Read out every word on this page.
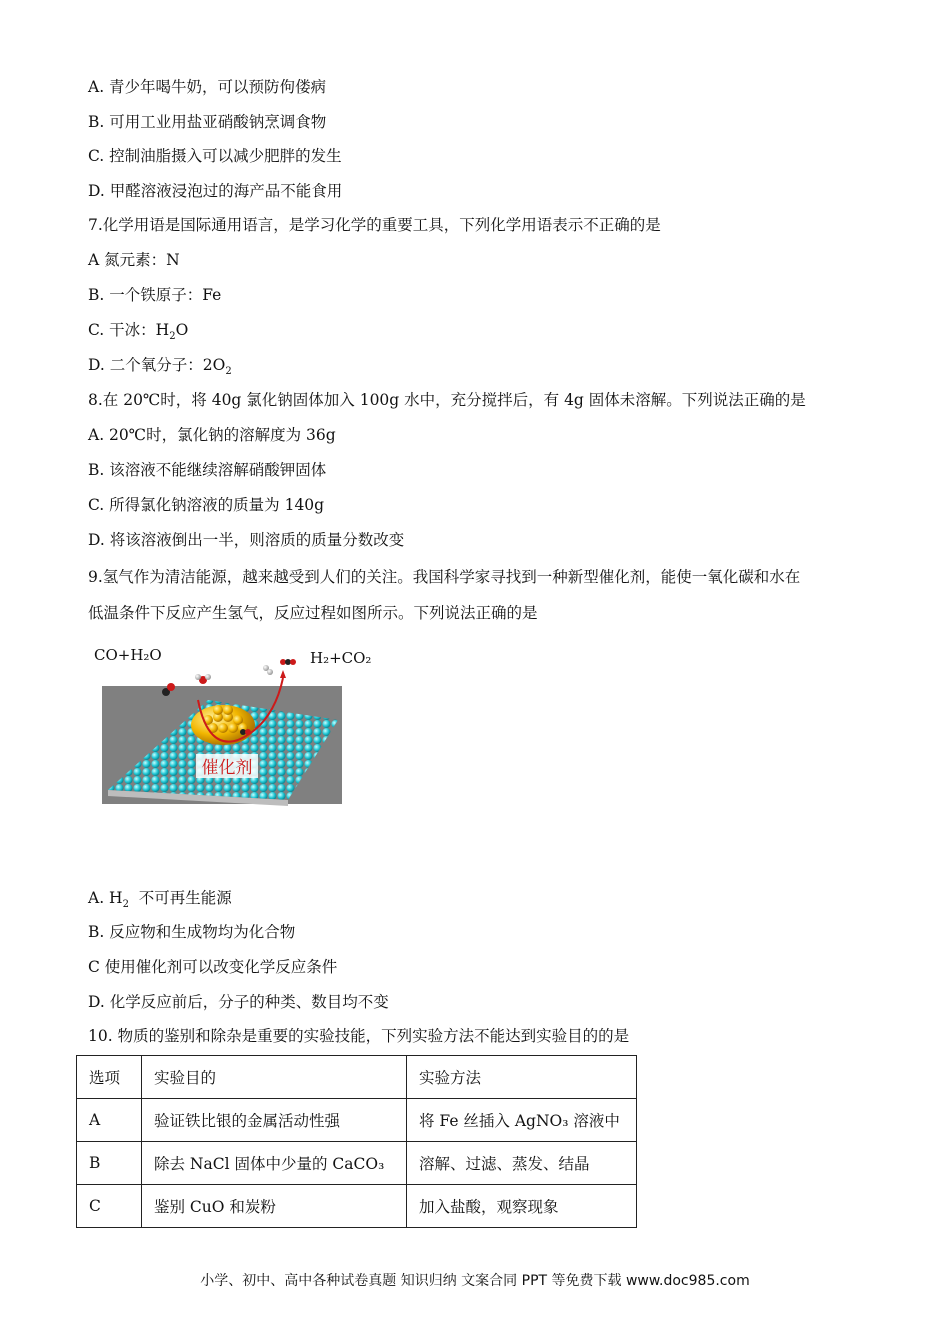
A. 青少年喝牛奶，可以预防佝偻病
B. 可用工业用盐亚硝酸钠烹调食物
C. 控制油脂摄入可以减少肥胖的发生
D. 甲醛溶液浸泡过的海产品不能食用
7.化学用语是国际通用语言，是学习化学的重要工具，下列化学用语表示不正确的是
A 氮元素：N
B. 一个铁原子：Fe
C. 干冰：$H_2O$
D. 二个氧分子：$2O_2$
8.在 20℃时，将 40g 氯化钠固体加入 100g 水中，充分搅拌后，有 4g 固体未溶解。下列说法正确的是
A. 20℃时，氯化钠的溶解度为 36g
B. 该溶液不能继续溶解硝酸钾固体
C. 所得氯化钠溶液的质量为 140g
D. 将该溶液倒出一半，则溶质的质量分数改变
9.氢气作为清洁能源，越来越受到人们的关注。我国科学家寻找到一种新型催化剂，能使一氧化碳和水在
低温条件下反应产生氢气，反应过程如图所示。下列说法正确的是
催化剂
CO+H₂O	H₂+CO₂
A. $H_2$  不可再生能源
B. 反应物和生成物均为化合物
C 使用催化剂可以改变化学反应条件
D. 化学反应前后，分子的种类、数目均不变
10. 物质的鉴别和除杂是重要的实验技能，下列实验方法不能达到实验目的的是
选项	实验目的	实验方法
A	验证铁比银的金属活动性强	将 Fe 丝插入 AgNO₃ 溶液中
B	除去 NaCl 固体中少量的 CaCO₃	溶解、过滤、蒸发、结晶
C	鉴别 CuO 和炭粉	加入盐酸，观察现象
小学、初中、高中各种试卷真题 知识归纳 文案合同 PPT 等免费下载 www.doc985.com
